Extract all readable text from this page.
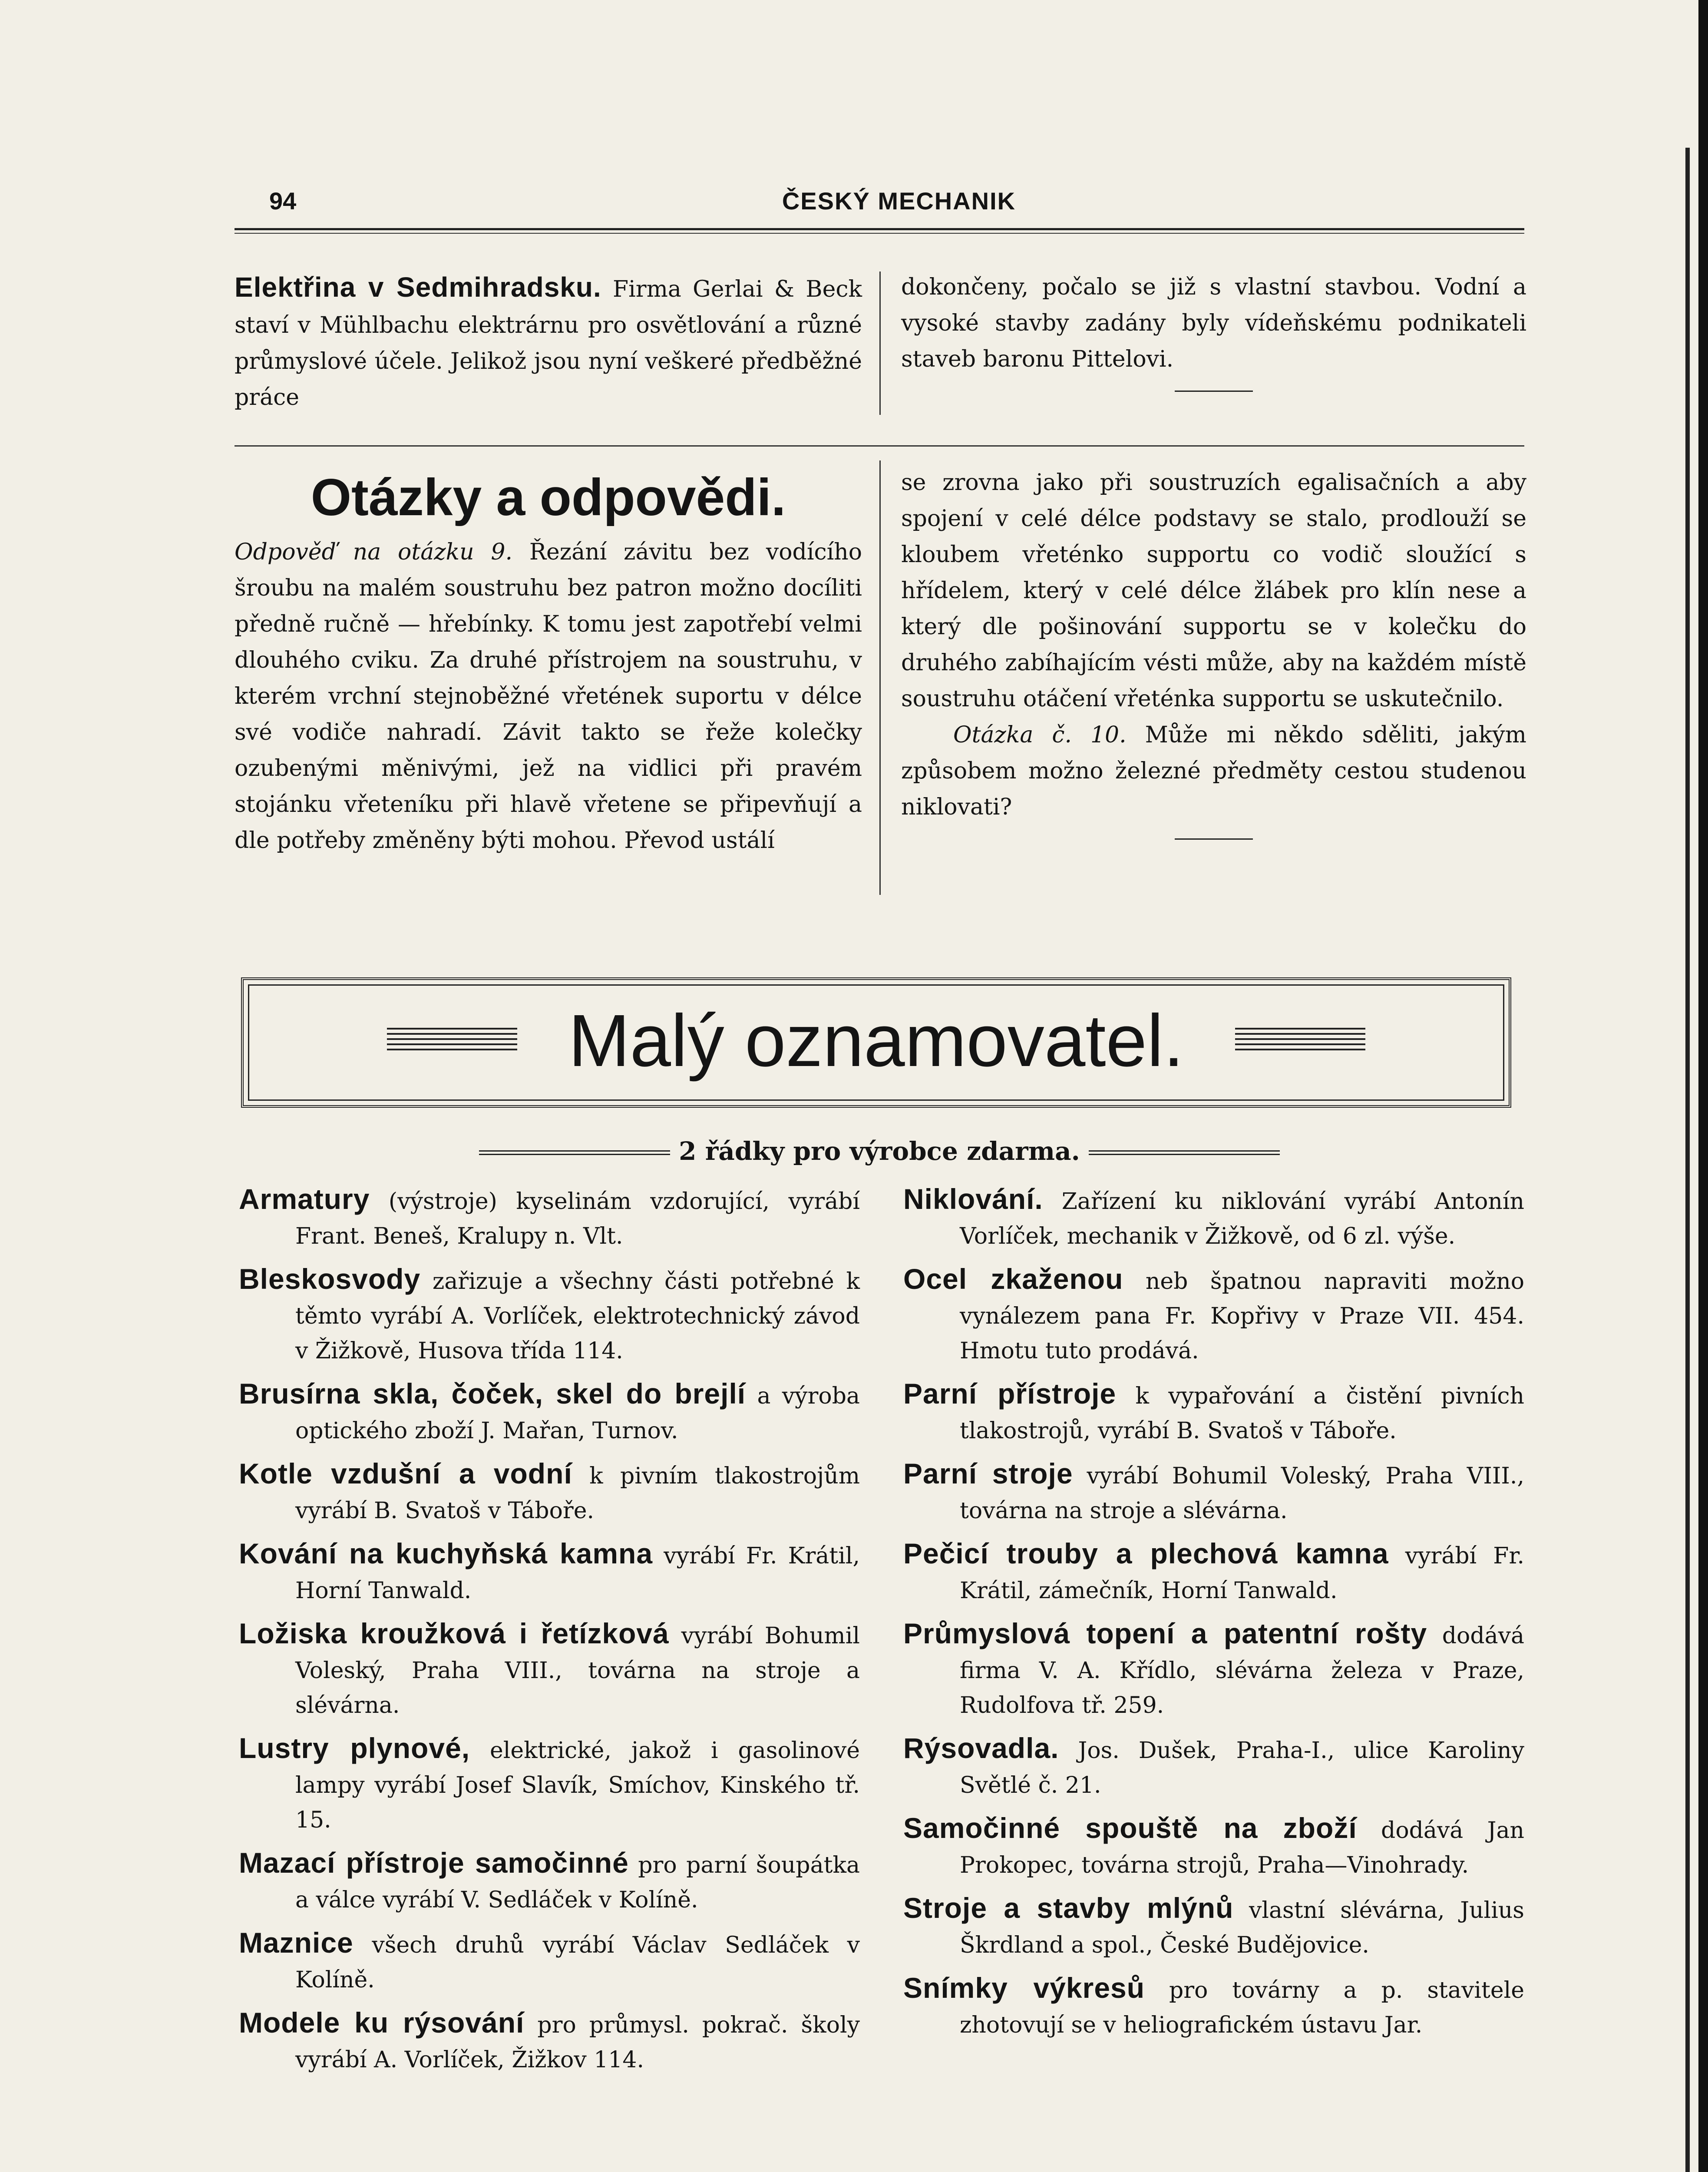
94	ČESKÝ MECHANIK

Elektřina v Sedmihradsku. Firma Gerlai & Beck staví v Mühlbachu elektrárnu pro osvětlování a různé průmyslové účele. Jelikož jsou nyní veškeré předběžné práce

dokončeny, počalo se již s vlastní stavbou. Vodní a vysoké stavby zadány byly vídeňskému podnikateli staveb baronu Pittelovi.

Otázky a odpovědi.

Odpověď na otázku 9. Řezání závitu bez vodícího šroubu na malém soustruhu bez patron možno docíliti předně ručně — hřebínky. K tomu jest zapotřebí velmi dlouhého cviku. Za druhé přístrojem na soustruhu, v kterém vrchní stejnoběžné vřetének suportu v délce své vodiče nahradí. Závit takto se řeže kolečky ozubenými měnivými, jež na vidlici při pravém stojánku vřeteníku při hlavě vřetene se připevňují a dle potřeby změněny býti mohou. Převod ustálí

se zrovna jako při soustruzích egalisačních a aby spojení v celé délce podstavy se stalo, prodlouží se kloubem vřeténko supportu co vodič sloužící s hřídelem, který v celé délce žlábek pro klín nese a který dle pošinování supportu se v kolečku do druhého zabíhajícím vésti může, aby na každém místě soustruhu otáčení vřeténka supportu se uskutečnilo.

Otázka č. 10. Může mi někdo sděliti, jakým způsobem možno železné předměty cestou studenou niklovati?

Malý oznamovatel.
2 řádky pro výrobce zdarma.

Armatury (výstroje) kyselinám vzdorující, vyrábí Frant. Beneš, Kralupy n. Vlt.

Bleskosvody zařizuje a všechny části potřebné k těmto vyrábí A. Vorlíček, elektrotechnický závod v Žižkově, Husova třída 114.

Brusírna skla, čoček, skel do brejlí a výroba optického zboží J. Mařan, Turnov.

Kotle vzdušní a vodní k pivním tlakostrojům vyrábí B. Svatoš v Táboře.

Kování na kuchyňská kamna vyrábí Fr. Krátil, Horní Tanwald.

Ložiska kroužková i řetízková vyrábí Bohumil Voleský, Praha VIII., továrna na stroje a slévárna.

Lustry plynové, elektrické, jakož i gasolinové lampy vyrábí Josef Slavík, Smíchov, Kinského tř. 15.

Mazací přístroje samočinné pro parní šoupátka a válce vyrábí V. Sedláček v Kolíně.

Maznice všech druhů vyrábí Václav Sedláček v Kolíně.

Modele ku rýsování pro průmysl. pokrač. školy vyrábí A. Vorlíček, Žižkov 114.

Niklování. Zařízení ku niklování vyrábí Antonín Vorlíček, mechanik v Žižkově, od 6 zl. výše.

Ocel zkaženou neb špatnou napraviti možno vynálezem pana Fr. Kopřivy v Praze VII. 454. Hmotu tuto prodává.

Parní přístroje k vypařování a čistění pivních tlakostrojů, vyrábí B. Svatoš v Táboře.

Parní stroje vyrábí Bohumil Voleský, Praha VIII., továrna na stroje a slévárna.

Pečicí trouby a plechová kamna vyrábí Fr. Krátil, zámečník, Horní Tanwald.

Průmyslová topení a patentní rošty dodává firma V. A. Křídlo, slévárna železa v Praze, Rudolfova tř. 259.

Rýsovadla. Jos. Dušek, Praha-I., ulice Karoliny Světlé č. 21.

Samočinné spouště na zboží dodává Jan Prokopec, továrna strojů, Praha—Vinohrady.

Stroje a stavby mlýnů vlastní slévárna, Julius Škrdland a spol., České Budějovice.

Snímky výkresů pro továrny a p. stavitele zhotovují se v heliografickém ústavu Jar.
